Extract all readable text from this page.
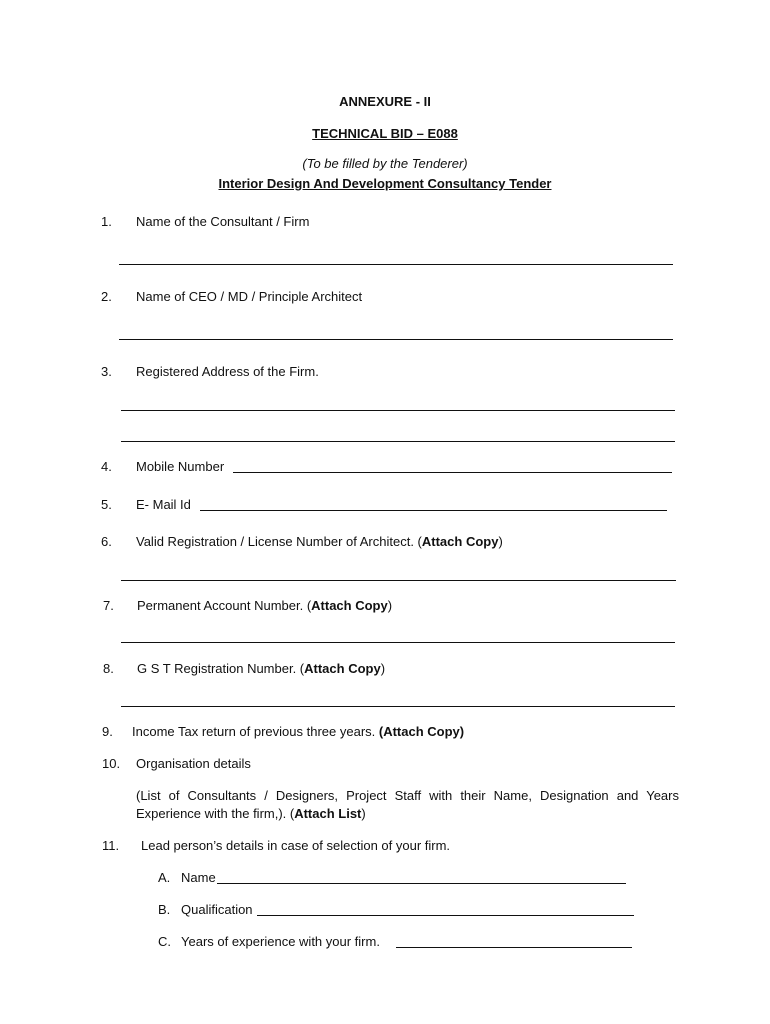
ANNEXURE - II
TECHNICAL BID – E088
(To be filled by the Tenderer)
Interior Design And Development Consultancy Tender
1. Name of the Consultant / Firm
2. Name of CEO / MD / Principle Architect
3. Registered Address of the Firm.
4. Mobile Number
5. E- Mail Id
6. Valid Registration / License Number of Architect. (Attach Copy)
7. Permanent Account Number. (Attach Copy)
8. G S T Registration Number. (Attach Copy)
9. Income Tax return of previous three years. (Attach Copy)
10. Organisation details
(List of Consultants / Designers, Project Staff with their Name, Designation and Years Experience with the firm,). (Attach List)
11. Lead person’s details in case of selection of your firm.
A. Name
B. Qualification
C. Years of experience with your firm.
